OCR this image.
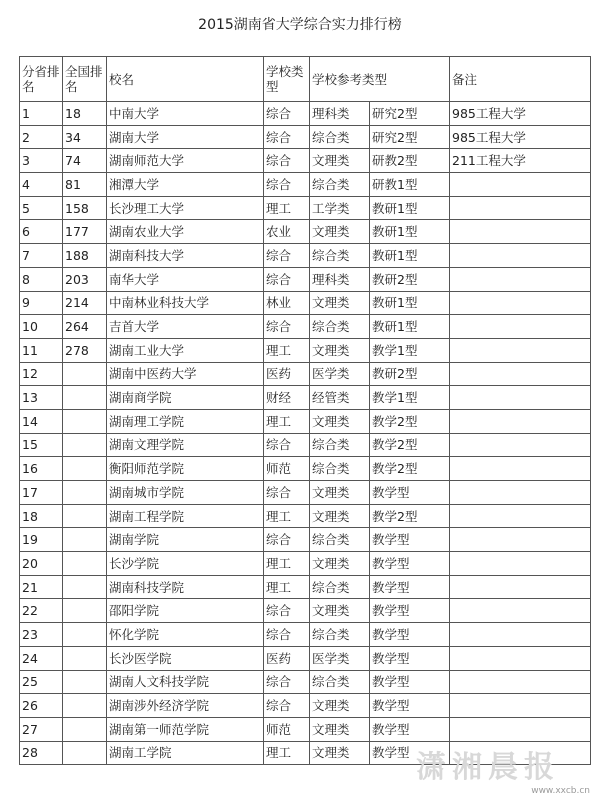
2015湖南省大学综合实力排行榜
分省排名	全国排名	校名	学校类型	学校参考类型		备注
1	18	中南大学	综合	理科类	研究2型	985工程大学
2	34	湖南大学	综合	综合类	研究2型	985工程大学
3	74	湖南师范大学	综合	文理类	研教2型	211工程大学
4	81	湘潭大学	综合	综合类	研教1型	
5	158	长沙理工大学	理工	工学类	教研1型	
6	177	湖南农业大学	农业	文理类	教研1型	
7	188	湖南科技大学	综合	综合类	教研1型	
8	203	南华大学	综合	理科类	教研2型	
9	214	中南林业科技大学	林业	文理类	教研1型	
10	264	吉首大学	综合	综合类	教研1型	
11	278	湖南工业大学	理工	文理类	教学1型	
12		湖南中医药大学	医药	医学类	教研2型	
13		湖南商学院	财经	经管类	教学1型	
14		湖南理工学院	理工	文理类	教学2型	
15		湖南文理学院	综合	综合类	教学2型	
16		衡阳师范学院	师范	综合类	教学2型	
17		湖南城市学院	综合	文理类	教学型	
18		湖南工程学院	理工	文理类	教学2型	
19		湖南学院	综合	综合类	教学型	
20		长沙学院	理工	文理类	教学型	
21		湖南科技学院	理工	综合类	教学型	
22		邵阳学院	综合	文理类	教学型	
23		怀化学院	综合	综合类	教学型	
24		长沙医学院	医药	医学类	教学型	
25		湖南人文科技学院	综合	综合类	教学型	
26		湖南涉外经济学院	综合	文理类	教学型	
27		湖南第一师范学院	师范	文理类	教学型	
28		湖南工学院	理工	文理类	教学型	潇湘晨报
www.xxcb.cn
